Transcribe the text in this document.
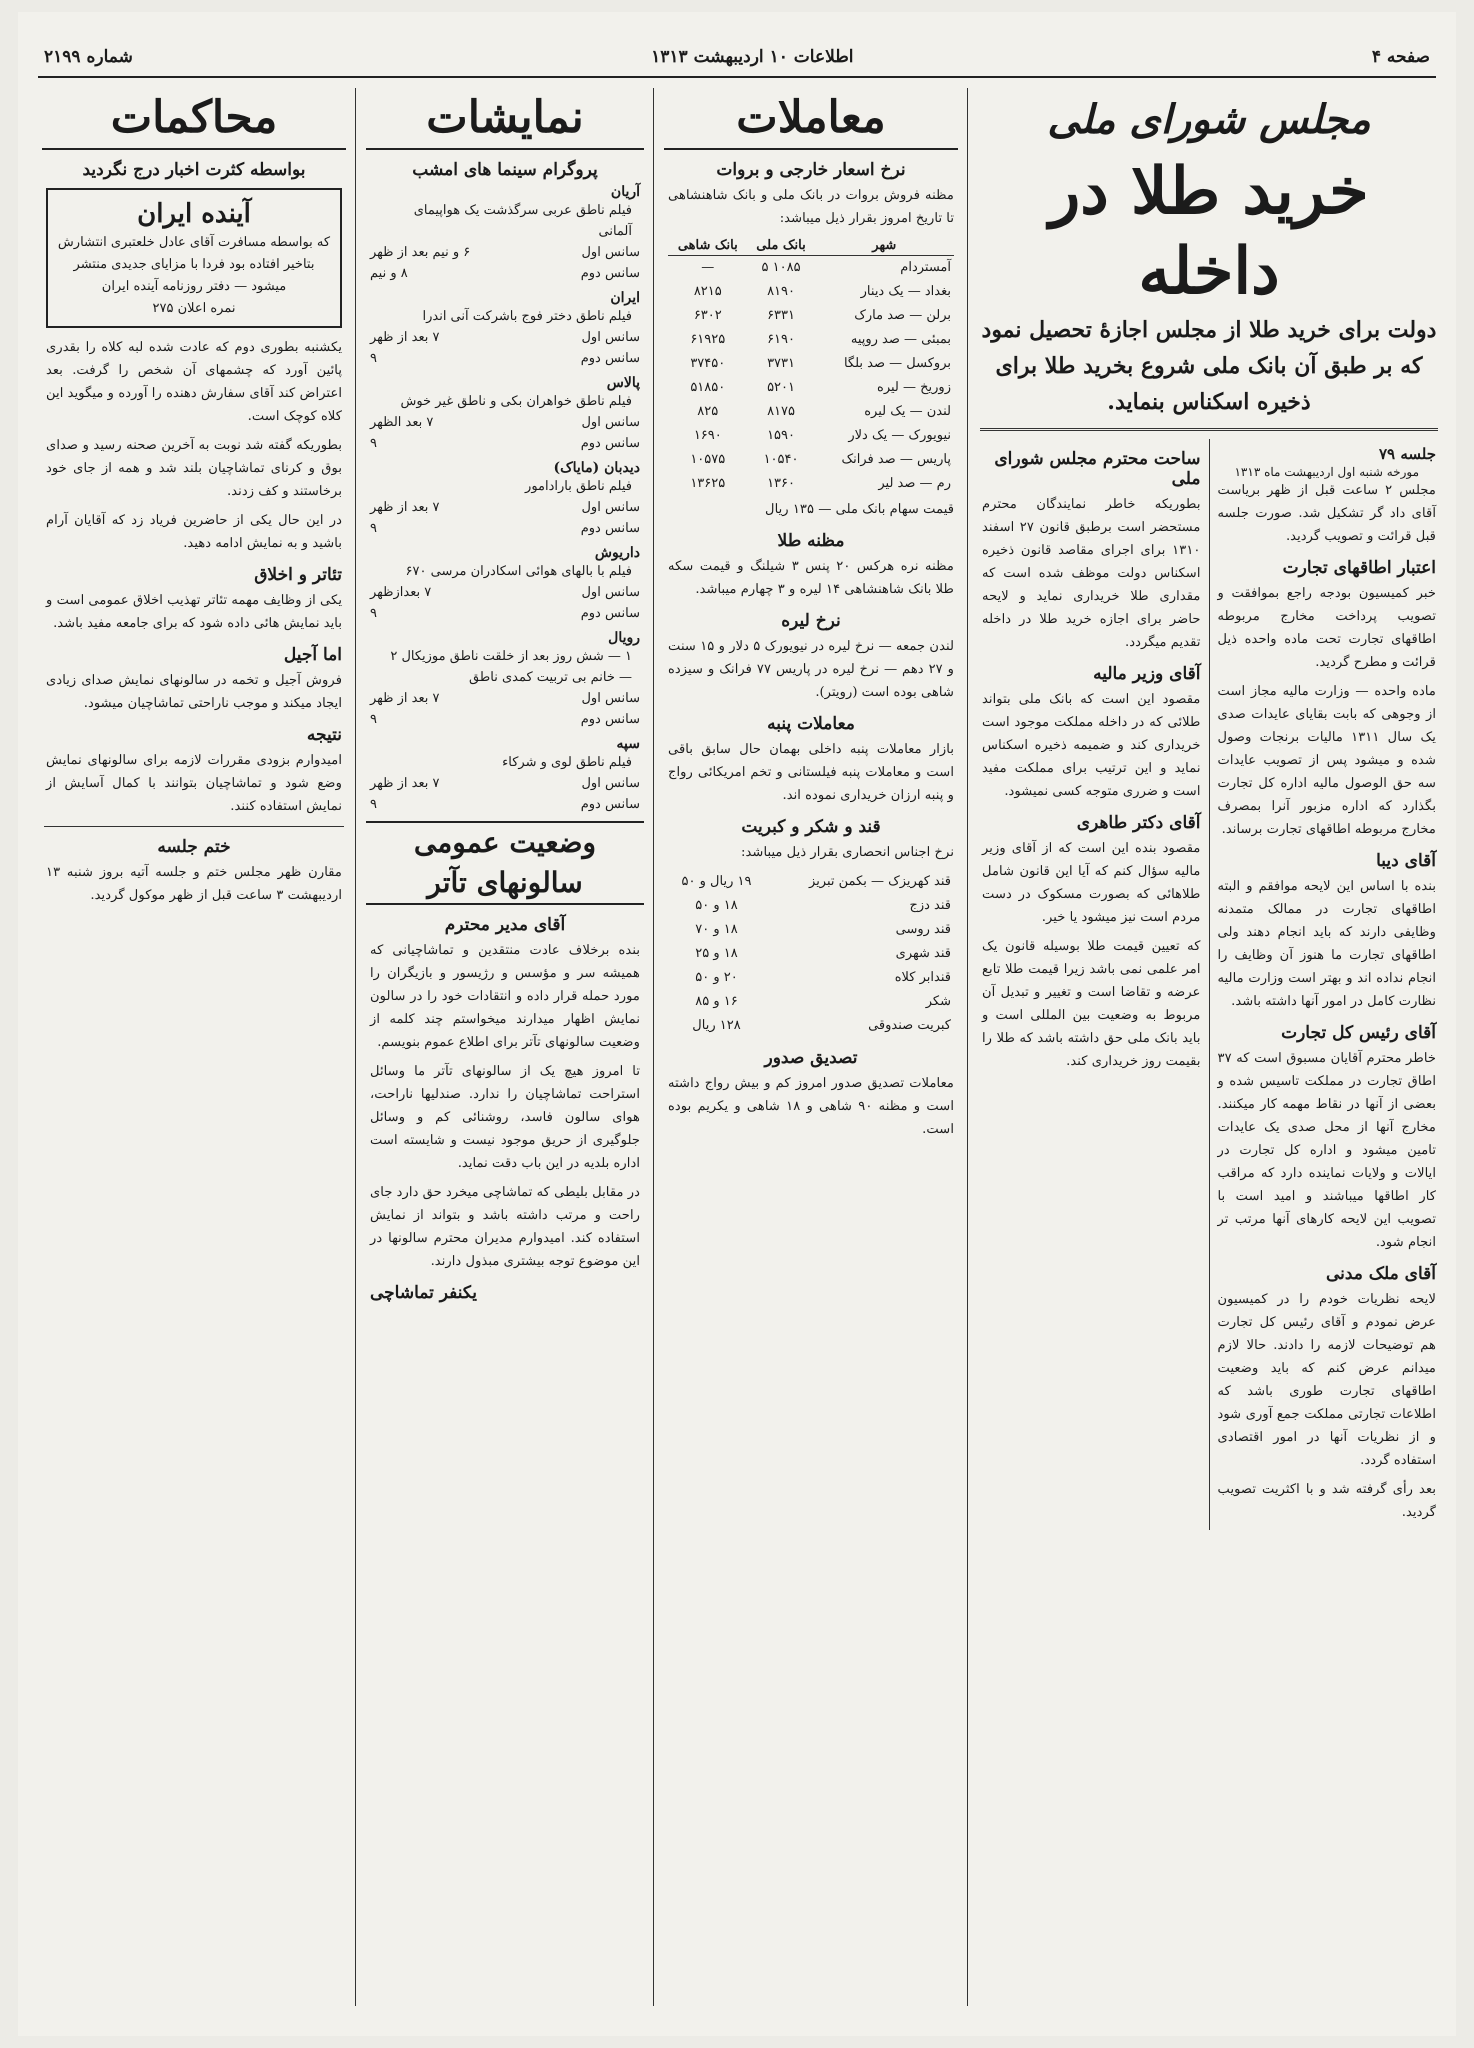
صفحه ۴
اطلاعات ۱۰ اردیبهشت ۱۳۱۳
شماره ۲۱۹۹
مجلس شورای ملی
خرید طلا در داخله
دولت برای خرید طلا از مجلس اجازهٔ تحصیل نمود که بر طبق آن بانک ملی شروع بخرید طلا برای ذخیره اسکناس بنماید.
جلسه ۷۹
مورخه شنبه اول اردیبهشت ماه ۱۳۱۳

مجلس ۲ ساعت قبل از ظهر بریاست آقای داد گر تشکیل شد. صورت جلسه قبل قرائت و تصویب گردید.

اعتبار اطاقهای تجارت

خبر کمیسیون بودجه راجع بموافقت و تصویب پرداخت مخارج مربوطه اطاقهای تجارت تحت ماده واحده ذیل قرائت و مطرح گردید.

ماده واحده — وزارت مالیه مجاز است از وجوهی که بابت بقایای عایدات صدی یک سال ۱۳۱۱ مالیات برنجات وصول شده و میشود پس از تصویب عایدات سه حق الوصول مالیه اداره کل تجارت بگذارد که اداره مزبور آنرا بمصرف مخارج مربوطه اطاقهای تجارت برساند.

آقای دیبا

بنده با اساس این لایحه موافقم و البته اطاقهای تجارت در ممالک متمدنه وظایفی دارند که باید انجام دهند ولی اطاقهای تجارت ما هنوز آن وظایف را انجام نداده اند و بهتر است وزارت مالیه نظارت کامل در امور آنها داشته باشد.

آقای رئیس کل تجارت

خاطر محترم آقایان مسبوق است که ۳۷ اطاق تجارت در مملکت تاسیس شده و بعضی از آنها در نقاط مهمه کار میکنند. مخارج آنها از محل صدی یک عایدات تامین میشود و اداره کل تجارت در ایالات و ولایات نماینده دارد که مراقب کار اطاقها میباشند و امید است با تصویب این لایحه کارهای آنها مرتب تر انجام شود.

آقای ملک مدنی

لایحه نظریات خودم را در کمیسیون عرض نمودم و آقای رئیس کل تجارت هم توضیحات لازمه را دادند. حالا لازم میدانم عرض کنم که باید وضعیت اطاقهای تجارت طوری باشد که اطلاعات تجارتی مملکت جمع آوری شود و از نظریات آنها در امور اقتصادی استفاده گردد.

بعد رأی گرفته شد و با اکثریت تصویب گردید.

ساحت محترم مجلس شورای ملی

بطوریکه خاطر نمایندگان محترم مستحضر است برطبق قانون ۲۷ اسفند ۱۳۱۰ برای اجرای مقاصد قانون ذخیره اسکناس دولت موظف شده است که مقداری طلا خریداری نماید و لایحه حاضر برای اجازه خرید طلا در داخله تقدیم میگردد.

آقای وزیر مالیه

مقصود این است که بانک ملی بتواند طلائی که در داخله مملکت موجود است خریداری کند و ضمیمه ذخیره اسکناس نماید و این ترتیب برای مملکت مفید است و ضرری متوجه کسی نمیشود.

آقای دکتر طاهری

مقصود بنده این است که از آقای وزیر مالیه سؤال کنم که آیا این قانون شامل طلاهائی که بصورت مسکوک در دست مردم است نیز میشود یا خیر.

که تعیین قیمت طلا بوسیله قانون یک امر علمی نمی باشد زیرا قیمت طلا تابع عرضه و تقاضا است و تغییر و تبدیل آن مربوط به وضعیت بین المللی است و باید بانک ملی حق داشته باشد که طلا را بقیمت روز خریداری کند.

معاملات
نرخ اسعار خارجی و بروات

مظنه فروش بروات در بانک ملی و بانک شاهنشاهی تا تاریخ امروز بقرار ذیل میباشد:

شهر	بانک ملی	بانک شاهی
آمستردام	۱۰۸۵ ۵	—
بغداد — یک دینار	۸۱۹۰	۸۲۱۵
برلن — صد مارک	۶۳۳۱	۶۳۰۲
بمبئی — صد روپیه	۶۱۹۰	۶۱۹۲۵
بروکسل — صد بلگا	۳۷۳۱	۳۷۴۵۰
زوریخ — لیره	۵۲۰۱	۵۱۸۵۰
لندن — یک لیره	۸۱۷۵	۸۲۵
نیویورک — یک دلار	۱۵۹۰	۱۶۹۰
پاریس — صد فرانک	۱۰۵۴۰	۱۰۵۷۵
رم — صد لیر	۱۳۶۰	۱۳۶۲۵

قیمت سهام بانک ملی — ۱۳۵ ریال

مظنه طلا

مظنه نره هرکس ۲۰ پنس ۳ شیلنگ و قیمت سکه طلا بانک شاهنشاهی ۱۴ لیره و ۳ چهارم میباشد.

نرخ لیره

لندن جمعه — نرخ لیره در نیویورک ۵ دلار و ۱۵ سنت و ۲۷ دهم — نرخ لیره در پاریس ۷۷ فرانک و سیزده شاهی بوده است (رویتر).

معاملات پنبه

بازار معاملات پنبه داخلی بهمان حال سابق باقی است و معاملات پنبه فیلستانی و تخم امریکائی رواج و پنبه ارزان خریداری نموده اند.

قند و شکر و کبریت

نرخ اجناس انحصاری بقرار ذیل میباشد:

قند کهریزک — بکمن تبریز	۱۹ ریال و ۵۰
قند دزج	۱۸ و ۵۰
قند روسی	۱۸ و ۷۰
قند شهری	۱۸ و ۲۵
قندابر کلاه	۲۰ و ۵۰
شکر	۱۶ و ۸۵
کبریت صندوقی	۱۲۸ ریال
تصدیق صدور

معاملات تصدیق صدور امروز کم و بیش رواج داشته است و مظنه ۹۰ شاهی و ۱۸ شاهی و یکریم بوده است.

نمایشات
پروگرام سینما های امشب
آریان
فیلم ناطق عربی سرگذشت یک هواپیمای آلمانی
سانس اول
۶ و نیم بعد از ظهر
سانس دوم
۸ و نیم
ایران
فیلم ناطق دختر فوج باشرکت آنی اندرا
سانس اول
۷ بعد از ظهر
سانس دوم
۹
پالاس
فیلم ناطق خواهران بکی و ناطق غیر خوش
سانس اول
۷ بعد الظهر
سانس دوم
۹
دیدبان (مایاک)
فیلم ناطق بارادامور
سانس اول
۷ بعد از ظهر
سانس دوم
۹
داریوش
فیلم با بالهای هوائی اسکادران مرسی ۶۷۰
سانس اول
۷ بعدازظهر
سانس دوم
۹
رویال
۱ — شش روز بعد از خلقت ناطق موزیکال ۲ — خانم بی تربیت کمدی ناطق
سانس اول
۷ بعد از ظهر
سانس دوم
۹
سپه
فیلم ناطق لوی و شرکاء
سانس اول
۷ بعد از ظهر
سانس دوم
۹
وضعیت عمومی سالونهای تآتر
آقای مدیر محترم

بنده برخلاف عادت منتقدین و تماشاچیانی که همیشه سر و مؤسس و رژیسور و بازیگران را مورد حمله قرار داده و انتقادات خود را در سالون نمایش اظهار میدارند میخواستم چند کلمه از وضعیت سالونهای تآتر برای اطلاع عموم بنویسم.

تا امروز هیچ یک از سالونهای تآتر ما وسائل استراحت تماشاچیان را ندارد. صندلیها ناراحت، هوای سالون فاسد، روشنائی کم و وسائل جلوگیری از حریق موجود نیست و شایسته است اداره بلدیه در این باب دقت نماید.

در مقابل بلیطی که تماشاچی میخرد حق دارد جای راحت و مرتب داشته باشد و بتواند از نمایش استفاده کند. امیدوارم مدیران محترم سالونها در این موضوع توجه بیشتری مبذول دارند.

یکنفر تماشاچی
محاکمات
بواسطه کثرت اخبار درج نگردید
آینده ایران
که بواسطه مسافرت آقای عادل خلعتبری انتشارش بتاخیر افتاده بود فردا با مزایای جدیدی منتشر میشود — دفتر روزنامه آینده ایران
نمره اعلان ۲۷۵

یکشنبه بطوری دوم که عادت شده لبه کلاه را بقدری پائین آورد که چشمهای آن شخص را گرفت. بعد اعتراض کند آقای سفارش دهنده را آورده و میگوید این کلاه کوچک است.

بطوریکه گفته شد نوبت به آخرین صحنه رسید و صدای بوق و کرنای تماشاچیان بلند شد و همه از جای خود برخاستند و کف زدند.

در این حال یکی از حاضرین فریاد زد که آقایان آرام باشید و به نمایش ادامه دهید.

تئاتر و اخلاق

یکی از وظایف مهمه تئاتر تهذیب اخلاق عمومی است و باید نمایش هائی داده شود که برای جامعه مفید باشد.

اما آجیل

فروش آجیل و تخمه در سالونهای نمایش صدای زیادی ایجاد میکند و موجب ناراحتی تماشاچیان میشود.

نتیجه

امیدوارم بزودی مقررات لازمه برای سالونهای نمایش وضع شود و تماشاچیان بتوانند با کمال آسایش از نمایش استفاده کنند.

ختم جلسه

مقارن ظهر مجلس ختم و جلسه آتیه بروز شنبه ۱۳ اردیبهشت ۳ ساعت قبل از ظهر موکول گردید.
